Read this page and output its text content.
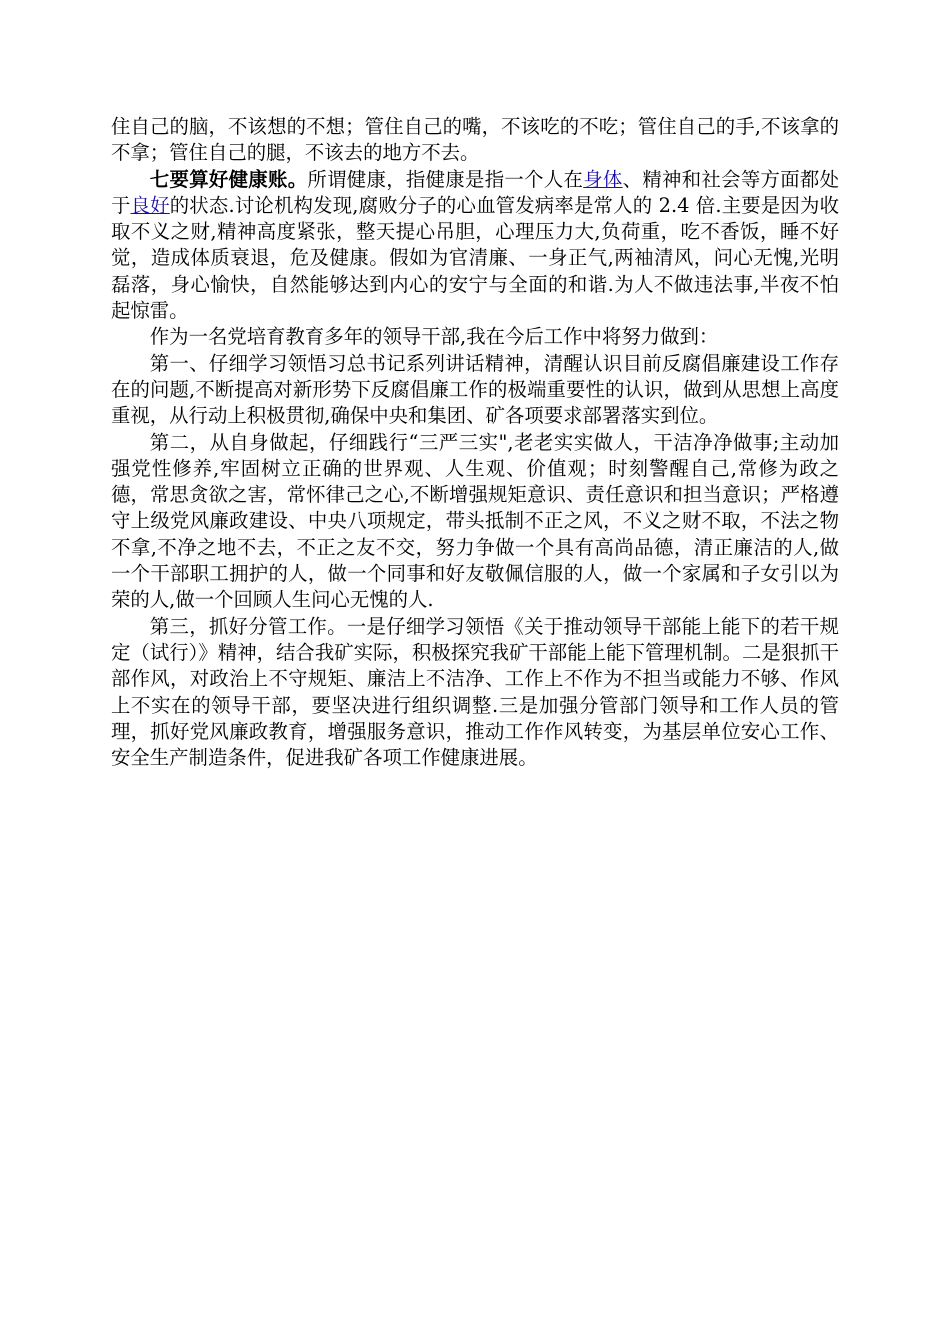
住自己的脑，不该想的不想；管住自己的嘴，不该吃的不吃；管住自己的手,不该拿的不拿；管住自己的腿，不该去的地方不去。

七要算好健康账。所谓健康，指健康是指一个人在身体、精神和社会等方面都处于良好的状态.讨论机构发现,腐败分子的心血管发病率是常人的 2.4 倍.主要是因为收取不义之财,精神高度紧张，整天提心吊胆，心理压力大,负荷重，吃不香饭，睡不好觉，造成体质衰退，危及健康。假如为官清廉、一身正气,两袖清风，问心无愧,光明磊落，身心愉快，自然能够达到内心的安宁与全面的和谐.为人不做违法事,半夜不怕起惊雷。

作为一名党培育教育多年的领导干部,我在今后工作中将努力做到：

第一、仔细学习领悟习总书记系列讲话精神，清醒认识目前反腐倡廉建设工作存在的问题,不断提高对新形势下反腐倡廉工作的极端重要性的认识，做到从思想上高度重视，从行动上积极贯彻,确保中央和集团、矿各项要求部署落实到位。

第二，从自身做起，仔细践行“三严三实",老老实实做人，干洁净净做事;主动加强党性修养,牢固树立正确的世界观、人生观、价值观；时刻警醒自己,常修为政之德，常思贪欲之害，常怀律己之心,不断增强规矩意识、责任意识和担当意识；严格遵守上级党风廉政建设、中央八项规定，带头抵制不正之风，不义之财不取，不法之物不拿,不净之地不去，不正之友不交，努力争做一个具有高尚品德，清正廉洁的人,做一个干部职工拥护的人，做一个同事和好友敬佩信服的人，做一个家属和子女引以为荣的人,做一个回顾人生问心无愧的人.

第三，抓好分管工作。一是仔细学习领悟《关于推动领导干部能上能下的若干规定（试行）》精神，结合我矿实际，积极探究我矿干部能上能下管理机制。二是狠抓干部作风，对政治上不守规矩、廉洁上不洁净、工作上不作为不担当或能力不够、作风上不实在的领导干部，要坚决进行组织调整.三是加强分管部门领导和工作人员的管理，抓好党风廉政教育，增强服务意识，推动工作作风转变，为基层单位安心工作、安全生产制造条件，促进我矿各项工作健康进展。
